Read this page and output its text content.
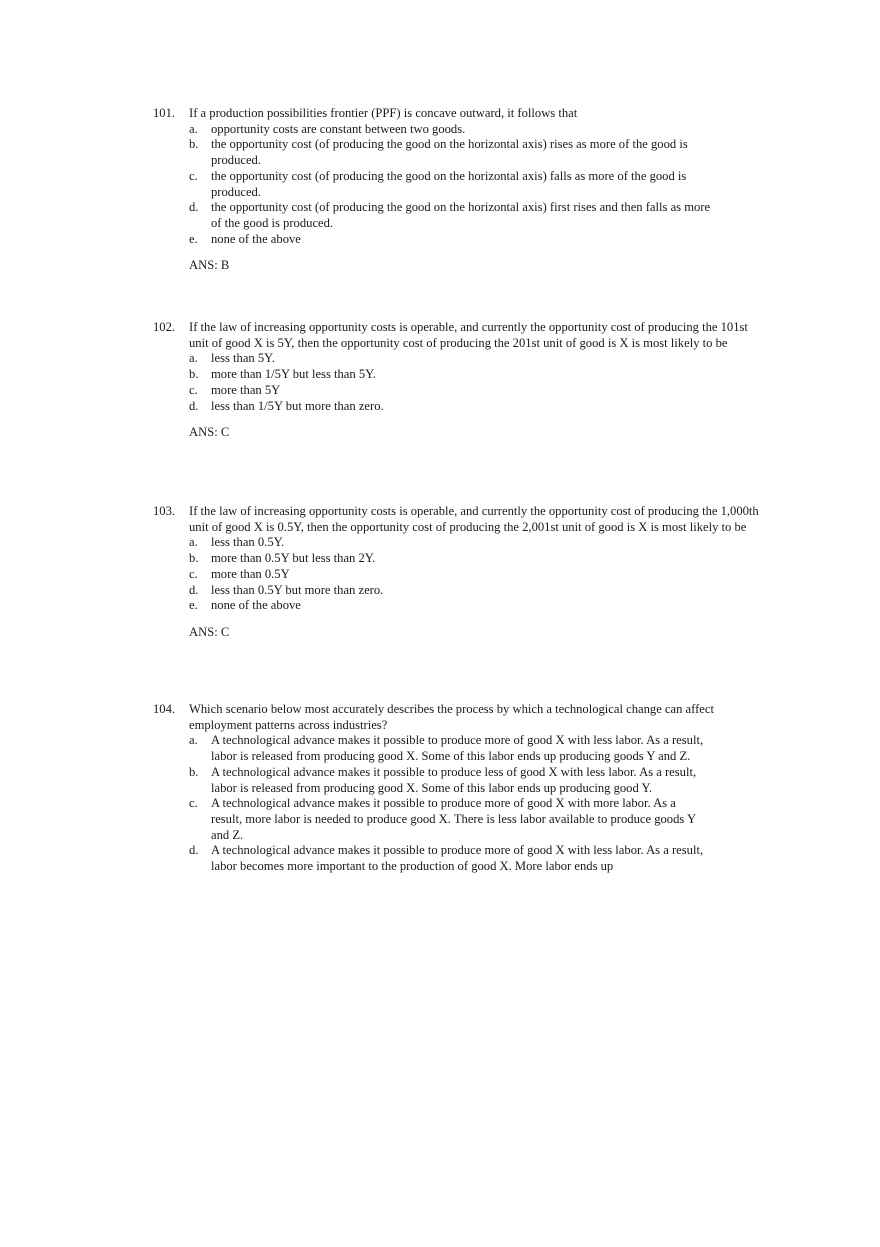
101. If a production possibilities frontier (PPF) is concave outward, it follows that
a. opportunity costs are constant between two goods.
b. the opportunity cost (of producing the good on the horizontal axis) rises as more of the good is produced.
c. the opportunity cost (of producing the good on the horizontal axis) falls as more of the good is produced.
d. the opportunity cost (of producing the good on the horizontal axis) first rises and then falls as more of the good is produced.
e. none of the above
ANS: B
102. If the law of increasing opportunity costs is operable, and currently the opportunity cost of producing the 101st unit of good X is 5Y, then the opportunity cost of producing the 201st unit of good is X is most likely to be
a. less than 5Y.
b. more than 1/5Y but less than 5Y.
c. more than 5Y
d. less than 1/5Y but more than zero.
ANS: C
103. If the law of increasing opportunity costs is operable, and currently the opportunity cost of producing the 1,000th unit of good X is 0.5Y, then the opportunity cost of producing the 2,001st unit of good is X is most likely to be
a. less than 0.5Y.
b. more than 0.5Y but less than 2Y.
c. more than 0.5Y
d. less than 0.5Y but more than zero.
e. none of the above
ANS: C
104. Which scenario below most accurately describes the process by which a technological change can affect employment patterns across industries?
a. A technological advance makes it possible to produce more of good X with less labor. As a result, labor is released from producing good X. Some of this labor ends up producing goods Y and Z.
b. A technological advance makes it possible to produce less of good X with less labor. As a result, labor is released from producing good X. Some of this labor ends up producing good Y.
c. A technological advance makes it possible to produce more of good X with more labor. As a result, more labor is needed to produce good X. There is less labor available to produce goods Y and Z.
d. A technological advance makes it possible to produce more of good X with less labor. As a result, labor becomes more important to the production of good X. More labor ends up
